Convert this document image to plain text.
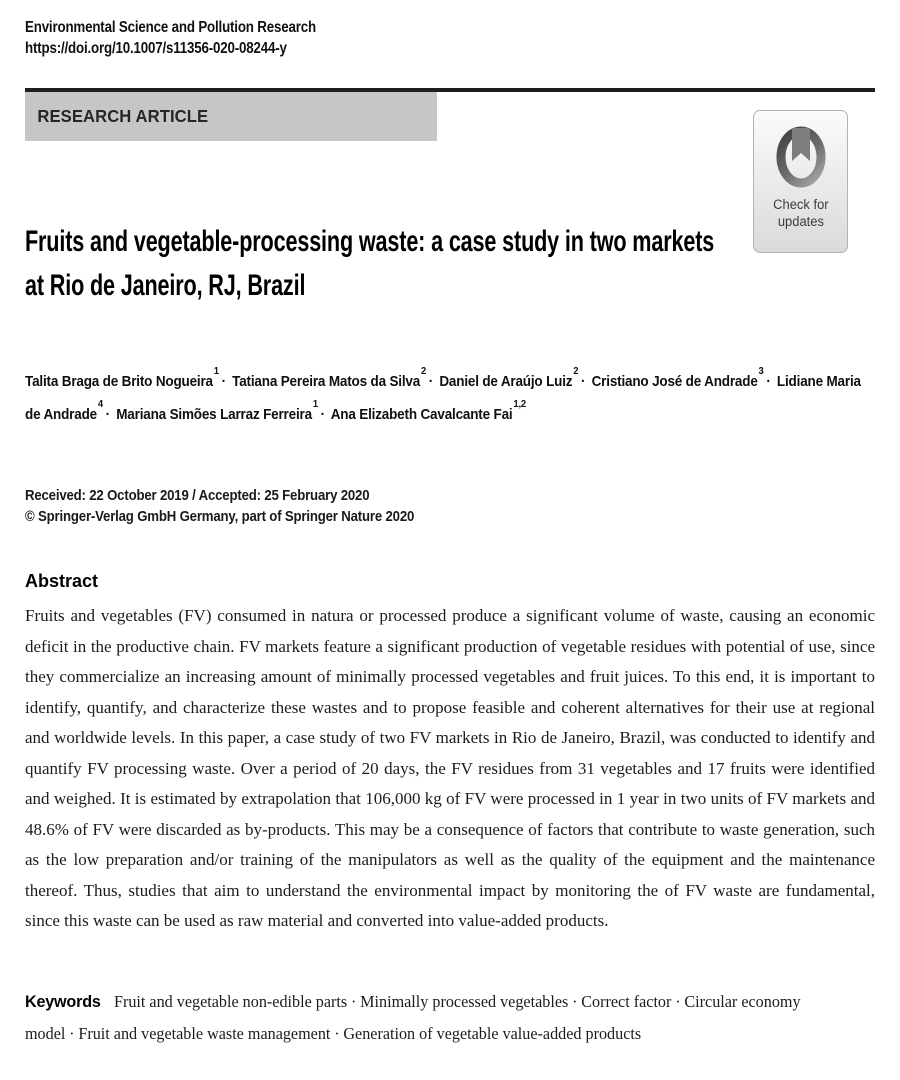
Environmental Science and Pollution Research
https://doi.org/10.1007/s11356-020-08244-y
RESEARCH ARTICLE
Fruits and vegetable-processing waste: a case study in two markets
at Rio de Janeiro, RJ, Brazil
Talita Braga de Brito Nogueira$^1$· Tatiana Pereira Matos da Silva$^2$· Daniel de Araújo Luiz$^2$· Cristiano José de Andrade$^3$· Lidiane Maria de Andrade$^4$· Mariana Simões Larraz Ferreira$^1$· Ana Elizabeth Cavalcante Fai$^{1,2}$
Received: 22 October 2019 / Accepted: 25 February 2020
© Springer-Verlag GmbH Germany, part of Springer Nature 2020
Abstract
Fruits and vegetables (FV) consumed in natura or processed produce a significant volume of waste, causing an economic deficit in the productive chain. FV markets feature a significant production of vegetable residues with potential of use, since they commercialize an increasing amount of minimally processed vegetables and fruit juices. To this end, it is important to identify, quantify, and characterize these wastes and to propose feasible and coherent alternatives for their use at regional and worldwide levels. In this paper, a case study of two FV markets in Rio de Janeiro, Brazil, was conducted to identify and quantify FV processing waste. Over a period of 20 days, the FV residues from 31 vegetables and 17 fruits were identified and weighed. It is estimated by extrapolation that 106,000 kg of FV were processed in 1 year in two units of FV markets and 48.6% of FV were discarded as by-products. This may be a consequence of factors that contribute to waste generation, such as the low preparation and/or training of the manipulators as well as the quality of the equipment and the maintenance thereof. Thus, studies that aim to understand the environmental impact by monitoring the of FV waste are fundamental, since this waste can be used as raw material and converted into value-added products.
Keywords Fruit and vegetable non-edible parts · Minimally processed vegetables · Correct factor · Circular economy model · Fruit and vegetable waste management · Generation of vegetable value-added products
Check for
updates
